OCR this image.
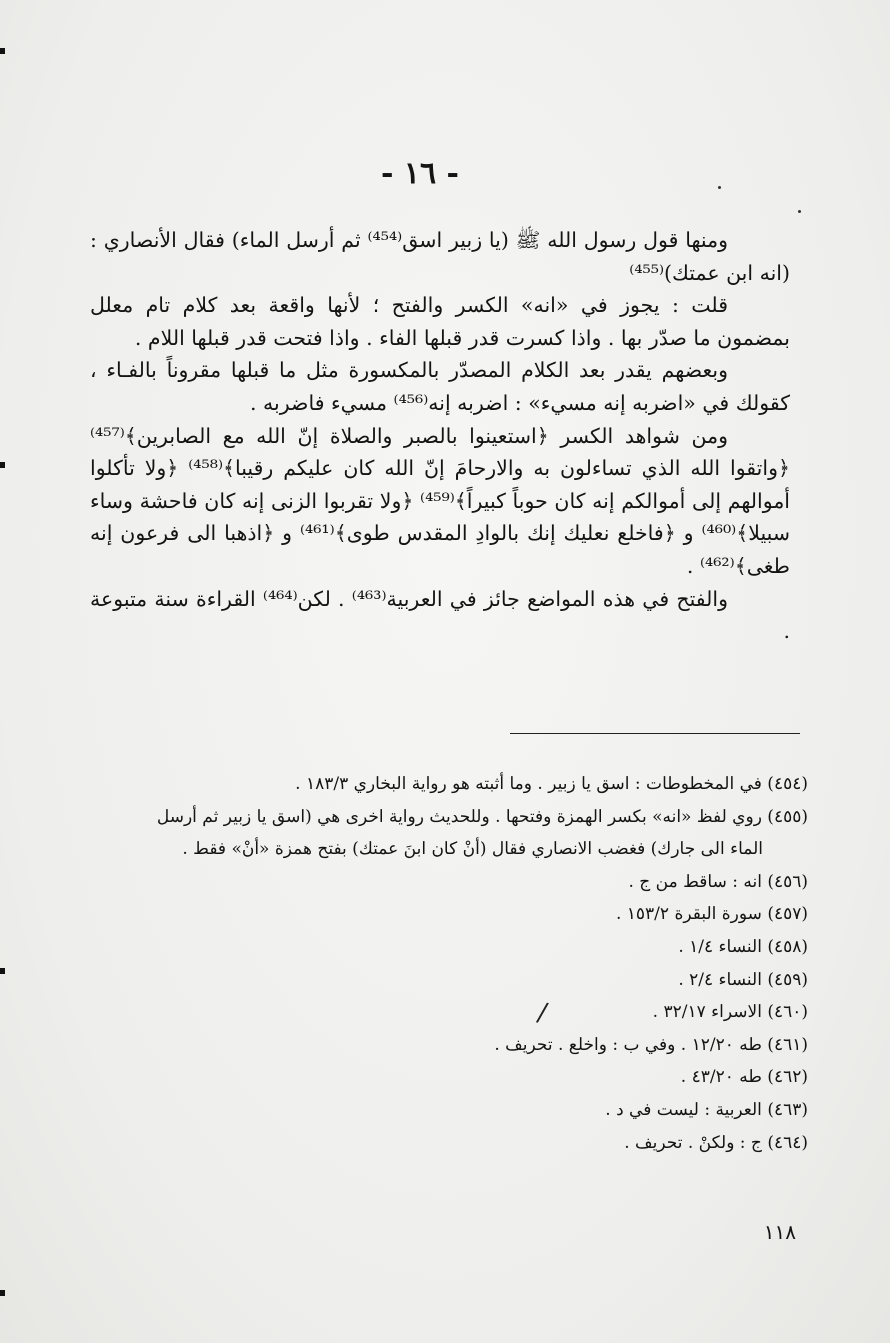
- ١٦ -

ومنها قول رسول الله ﷺ (يا زبير اسق⁽⁴⁵⁴⁾ ثم أرسل الماء) فقال الأنصاري : (انه ابن عمتك)⁽⁴⁵⁵⁾

قلت : يجوز في «انه» الكسر والفتح ؛ لأنها واقعة بعد كلام تام معلل بمضمون ما صدّر بها . واذا كسرت قدر قبلها الفاء . واذا فتحت قدر قبلها اللام .

وبعضهم يقدر بعد الكلام المصدّر بالمكسورة مثل ما قبلها مقروناً بالفـاء ، كقولك في «اضربه إنه مسيء» : اضربه إنه⁽⁴⁵⁶⁾ مسيء فاضربه .

ومن شواهد الكسر ﴿استعينوا بالصبر والصلاة إنّ الله مع الصابرين﴾⁽⁴⁵⁷⁾ ﴿واتقوا الله الذي تساءلون به والارحامَ إنّ الله كان عليكم رقيبا﴾⁽⁴⁵⁸⁾ ﴿ولا تأكلوا أموالهم إلى أموالكم إنه كان حوباً كبيراً﴾⁽⁴⁵⁹⁾ ﴿ولا تقربوا الزنى إنه كان فاحشة وساء سبيلا﴾⁽⁴⁶⁰⁾ و ﴿فاخلع نعليك إنك بالوادِ المقدس طوى﴾⁽⁴⁶¹⁾ و ﴿اذهبا الى فرعون إنه طغى﴾⁽⁴⁶²⁾ .

والفتح في هذه المواضع جائز في العربية⁽⁴⁶³⁾ . لكن⁽⁴⁶⁴⁾ القراءة سنة متبوعة .

(٤٥٤) في المخطوطات : اسق يا زبير . وما أثبته هو رواية البخاري ١٨٣/٣ .
(٤٥٥) روي لفظ «انه» بكسر الهمزة وفتحها . وللحديث رواية اخرى هي (اسق يا زبير ثم أرسل
الماء الى جارك) فغضب الانصاري فقال (أنْ كان ابنَ عمتك) بفتح همزة «أنْ» فقط .
(٤٥٦) انه : ساقط من ج .
(٤٥٧) سورة البقرة ١٥٣/٢ .
(٤٥٨) النساء ١/٤ .
(٤٥٩) النساء ٢/٤ .
(٤٦٠) الاسراء ٣٢/١٧ .
(٤٦١) طه ١٢/٢٠ . وفي ب : واخلع . تحريف .
(٤٦٢) طه ٤٣/٢٠ .
(٤٦٣) العربية : ليست في د .
(٤٦٤) ج : ولكنْ . تحريف .
/
١١٨
